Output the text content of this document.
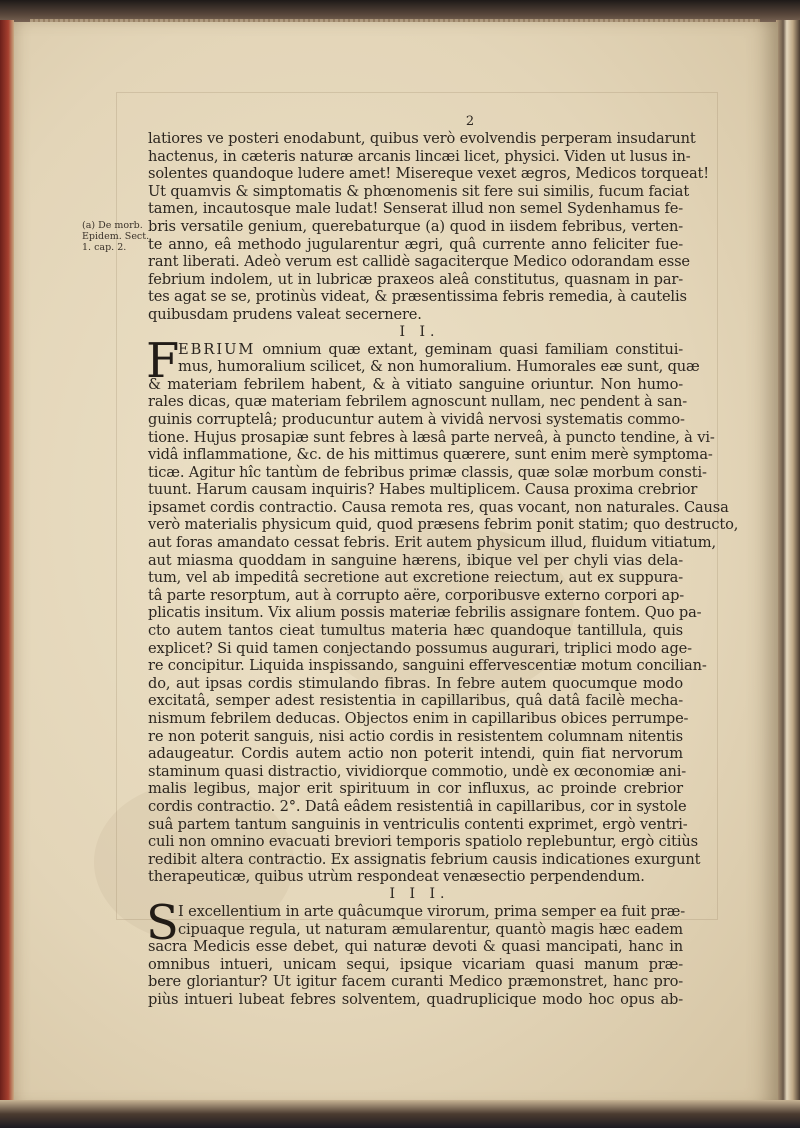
(a) De morb.
Epidem. Sect.
1. cap. 2.
2
latiores ve posteri enodabunt, quibus verò evolvendis perperam insudarunt
hactenus, in cæteris naturæ arcanis lincæi licet, physici. Viden ut lusus in-
solentes quandoque ludere amet! Misereque vexet ægros, Medicos torqueat!
Ut quamvis & simptomatis & phœnomenis sit fere sui similis, fucum faciat
tamen, incautosque male ludat! Senserat illud non semel Sydenhamus fe-
bris versatile genium, querebaturque (a) quod in iisdem febribus, verten-
te anno, eâ methodo jugularentur ægri, quâ currente anno feliciter fue-
rant liberati. Adeò verum est callidè sagaciterque Medico odorandam esse
febrium indolem, ut in lubricæ praxeos aleâ constitutus, quasnam in par-
tes agat se se, protinùs videat, & præsentissima febris remedia, à cautelis
quibusdam prudens valeat secernere.
I I.
F
EBRIUM omnium quæ extant, geminam quasi familiam constitui-
mus, humoralium scilicet, & non humoralium. Humorales eæ sunt, quæ
& materiam febrilem habent, & à vitiato sanguine oriuntur. Non humo-
rales dicas, quæ materiam febrilem agnoscunt nullam, nec pendent à san-
guinis corruptelâ; producuntur autem à vividâ nervosi systematis commo-
tione. Hujus prosapiæ sunt febres à læsâ parte nerveâ, à puncto tendine, à vi-
vidâ inflammatione, &c. de his mittimus quærere, sunt enim merè symptoma-
ticæ. Agitur hîc tantùm de febribus primæ classis, quæ solæ morbum consti-
tuunt. Harum causam inquiris? Habes multiplicem. Causa proxima crebrior
ipsamet cordis contractio. Causa remota res, quas vocant, non naturales. Causa
verò materialis physicum quid, quod præsens febrim ponit statim; quo destructo,
aut foras amandato cessat febris. Erit autem physicum illud, fluidum vitiatum,
aut miasma quoddam in sanguine hærens, ibique vel per chyli vias dela-
tum, vel ab impeditâ secretione aut excretione reiectum, aut ex suppura-
tâ parte resorptum, aut à corrupto aëre, corporibusve externo corpori ap-
plicatis insitum. Vix alium possis materiæ febrilis assignare fontem. Quo pa-
cto autem tantos cieat tumultus materia hæc quandoque tantillula, quis
explicet? Si quid tamen conjectando possumus augurari, triplici modo age-
re concipitur. Liquida inspissando, sanguini effervescentiæ motum concilian-
do, aut ipsas cordis stimulando fibras. In febre autem quocumque modo
excitatâ, semper adest resistentia in capillaribus, quâ datâ facilè mecha-
nismum febrilem deducas. Objectos enim in capillaribus obices perrumpe-
re non poterit sanguis, nisi actio cordis in resistentem columnam nitentis
adaugeatur. Cordis autem actio non poterit intendi, quin fiat nervorum
staminum quasi distractio, vividiorque commotio, undè ex œconomiæ ani-
malis legibus, major erit spirituum in cor influxus, ac proinde crebrior
cordis contractio. 2°. Datâ eâdem resistentiâ in capillaribus, cor in systole
suâ partem tantum sanguinis in ventriculis contenti exprimet, ergò ventri-
culi non omnino evacuati breviori temporis spatiolo replebuntur, ergò citiùs
redibit altera contractio. Ex assignatis febrium causis indicationes exurgunt
therapeuticæ, quibus utrùm respondeat venæsectio perpendendum.
I I I.
S I excellentium in arte quâcumque virorum, prima semper ea fuit præ-
cipuaque regula, ut naturam æmularentur, quantò magis hæc eadem
sacra Medicis esse debet, qui naturæ devoti & quasi mancipati, hanc in
omnibus intueri, unicam sequi, ipsique vicariam quasi manum præ-
bere gloriantur? Ut igitur facem curanti Medico præmonstret, hanc pro-
piùs intueri lubeat febres solventem, quadruplicique modo hoc opus ab-
